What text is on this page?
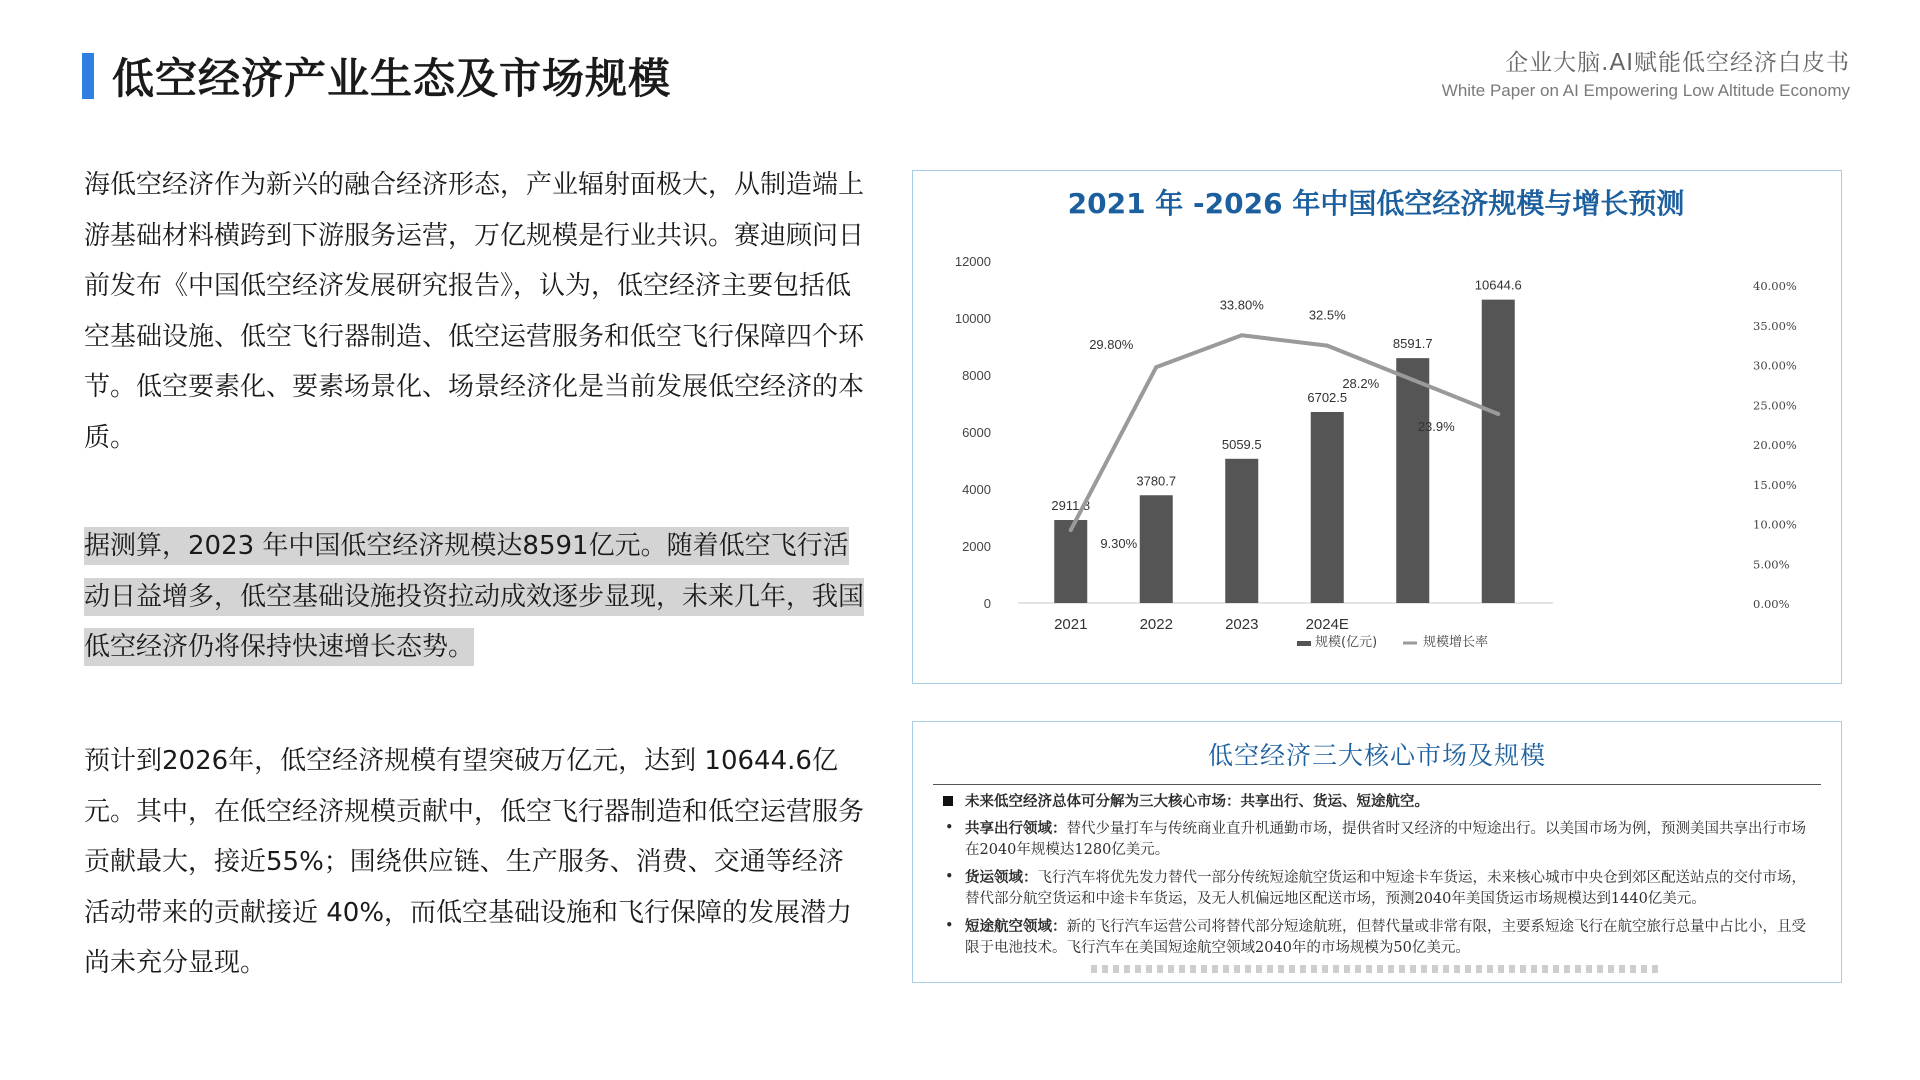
低空经济产业生态及市场规模	企业大脑.AI赋能低空经济白皮书
White Paper on AI Empowering Low Altitude Economy
海低空经济作为新兴的融合经济形态，产业辐射面极大，从制造端上游基础材料横跨到下游服务运营，万亿规模是行业共识。赛迪顾问日前发布《中国低空经济发展研究报告》，认为，低空经济主要包括低空基础设施、低空飞行器制造、低空运营服务和低空飞行保障四个环节。低空要素化、要素场景化、场景经济化是当前发展低空经济的本质。
据测算，2023 年中国低空经济规模达8591亿元。随着低空飞行活动日益增多，低空基础设施投资拉动成效逐步显现，未来几年，我国低空经济仍将保持快速增长态势。
预计到2026年，低空经济规模有望突破万亿元，达到 10644.6亿元。其中，在低空经济规模贡献中，低空飞行器制造和低空运营服务贡献最大，接近55%；围绕供应链、生产服务、消费、交通等经济活动带来的贡献接近 40%，而低空基础设施和飞行保障的发展潜力尚未充分显现。
2021 年 -2026 年中国低空经济规模与增长预测
0
2000
4000
6000
8000
10000
12000
0.00%
5.00%
10.00%
15.00%
20.00%
25.00%
30.00%
35.00%
40.00%
2911.8
3780.7
5059.5
6702.5
8591.7
10644.6
2021	2022	2023	2024E
9.30%
29.80%
33.80%
32.5%
28.2%
23.9%
规模(亿元)	规模增长率
低空经济三大核心市场及规模
未来低空经济总体可分解为三大核心市场：共享出行、货运、短途航空。
• 共享出行领域：替代少量打车与传统商业直升机通勤市场，提供省时又经济的中短途出行。以美国市场为例，预测美国共享出行市场在2040年规模达1280亿美元。
• 货运领域：飞行汽车将优先发力替代一部分传统短途航空货运和中短途卡车货运，未来核心城市中央仓到郊区配送站点的交付市场，替代部分航空货运和中途卡车货运，及无人机偏远地区配送市场，预测2040年美国货运市场规模达到1440亿美元。
• 短途航空领域：新的飞行汽车运营公司将替代部分短途航班，但替代量或非常有限，主要系短途飞行在航空旅行总量中占比小，且受限于电池技术。飞行汽车在美国短途航空领域2040年的市场规模为50亿美元。
